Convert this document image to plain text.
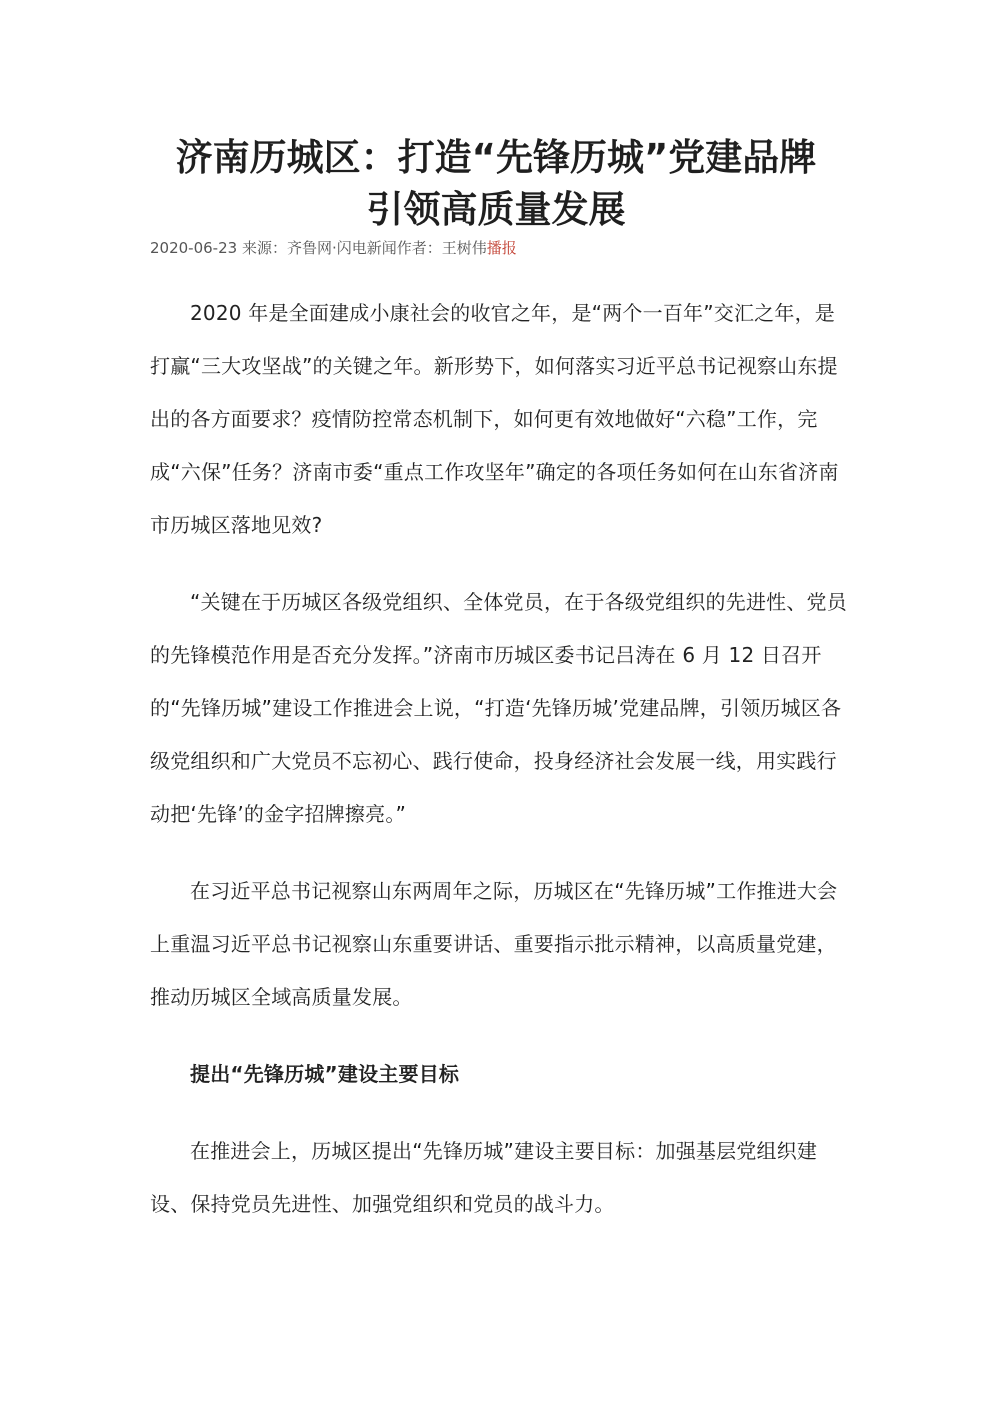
济南历城区：打造“先锋历城”党建品牌
引领高质量发展
2020-06-23 来源：齐鲁网·闪电新闻作者：王树伟播报

2020 年是全面建成小康社会的收官之年，是“两个一百年”交汇之年，是打赢“三大攻坚战”的关键之年。新形势下，如何落实习近平总书记视察山东提出的各方面要求？疫情防控常态机制下，如何更有效地做好“六稳”工作，完成“六保”任务？济南市委“重点工作攻坚年”确定的各项任务如何在山东省济南市历城区落地见效?

“关键在于历城区各级党组织、全体党员，在于各级党组织的先进性、党员的先锋模范作用是否充分发挥。”济南市历城区委书记吕涛在 6 月 12 日召开的“先锋历城”建设工作推进会上说，“打造‘先锋历城’党建品牌，引领历城区各级党组织和广大党员不忘初心、践行使命，投身经济社会发展一线，用实践行动把‘先锋’的金字招牌擦亮。”

在习近平总书记视察山东两周年之际，历城区在“先锋历城”工作推进大会上重温习近平总书记视察山东重要讲话、重要指示批示精神，以高质量党建，推动历城区全域高质量发展。

提出“先锋历城”建设主要目标

在推进会上，历城区提出“先锋历城”建设主要目标：加强基层党组织建设、保持党员先进性、加强党组织和党员的战斗力。
